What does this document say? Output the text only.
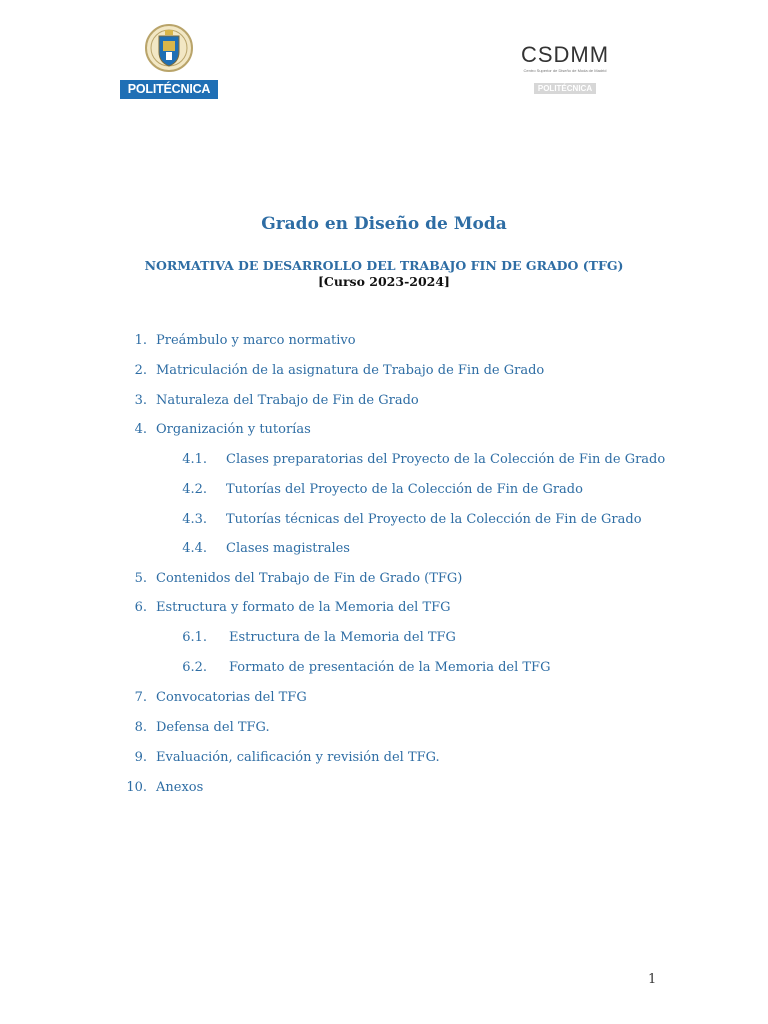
POLITÉCNICA
CSDMM
Centro Superior de Diseño de Moda de Madrid
POLITÉCNICA
Grado en Diseño de Moda
NORMATIVA DE DESARROLLO DEL TRABAJO FIN DE GRADO (TFG)
[Curso 2023-2024]
1. Preámbulo y marco normativo
2. Matriculación de la asignatura de Trabajo de Fin de Grado
3. Naturaleza del Trabajo de Fin de Grado
4. Organización y tutorías
4.1. Clases preparatorias del Proyecto de la Colección de Fin de Grado
4.2. Tutorías del Proyecto de la Colección de Fin de Grado
4.3. Tutorías técnicas del Proyecto de la Colección de Fin de Grado
4.4. Clases magistrales
5. Contenidos del Trabajo de Fin de Grado (TFG)
6. Estructura y formato de la Memoria del TFG
6.1. Estructura de la Memoria del TFG
6.2. Formato de presentación de la Memoria del TFG
7. Convocatorias del TFG
8. Defensa del TFG.
9. Evaluación, calificación y revisión del TFG.
10. Anexos
1
